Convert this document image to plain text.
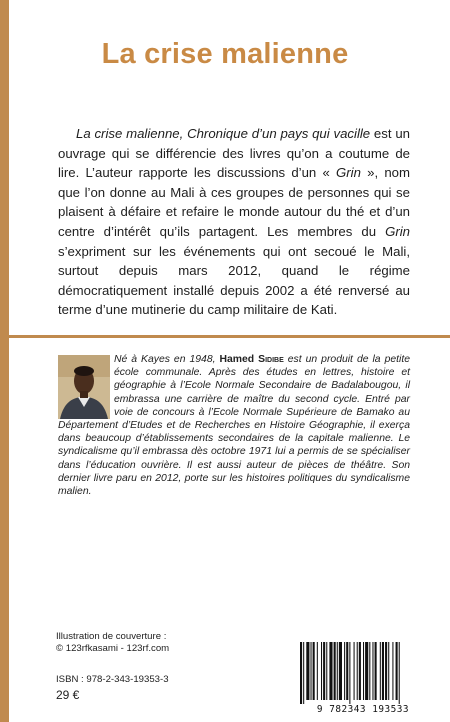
La crise malienne

La crise malienne, Chronique d’un pays qui vacille est un ouvrage qui se différencie des livres qu’on a coutume de lire. L’auteur rapporte les discussions d’un « Grin », nom que l’on donne au Mali à ces groupes de personnes qui se plaisent à défaire et refaire le monde autour du thé et d’un centre d’intérêt qu’ils partagent. Les membres du Grin s’expriment sur les événements qui ont secoué le Mali, surtout depuis mars 2012, quand le régime démocratiquement installé depuis 2002 a été renversé au terme d’une mutinerie du camp militaire de Kati.

Né à Kayes en 1948, Hamed Sidibe est un produit de la petite école communale. Après des études en lettres, histoire et géographie à l’Ecole Normale Secondaire de Badalabougou, il embrassa une carrière de maître du second cycle. Entré par voie de concours à l’Ecole Normale Supérieure de Bamako au Département d’Etudes et de Recherches en Histoire Géographie, il exerça dans beaucoup d’établissements secondaires de la capitale malienne. Le syndicalisme qu’il embrassa dès octobre 1971 lui a permis de se spécialiser dans l’éducation ouvrière. Il est aussi auteur de pièces de théâtre. Son dernier livre paru en 2012, porte sur les histoires politiques du syndicalisme malien.
Illustration de couverture :
© 123rfkasami - 123rf.com
ISBN : 978-2-343-19353-3
29 €
9 782343 193533
